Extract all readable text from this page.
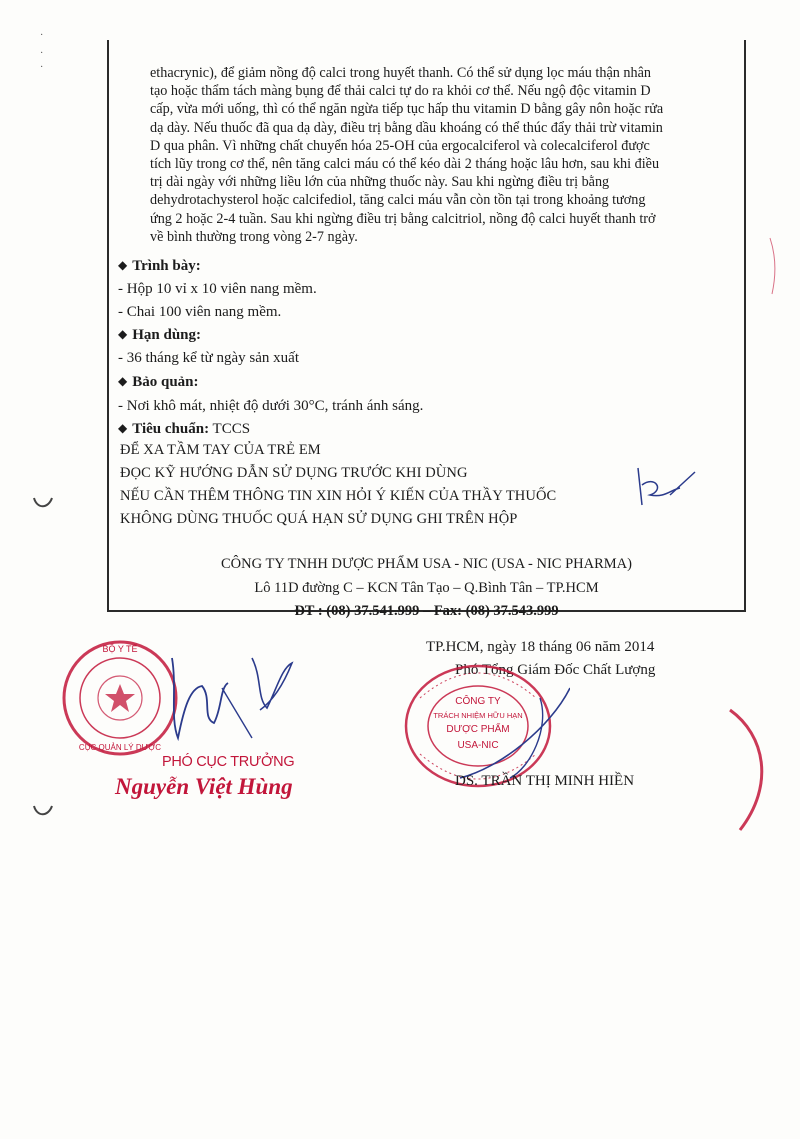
ethacrynic), để giảm nồng độ calci trong huyết thanh. Có thể sử dụng lọc máu thận nhân
tạo hoặc thẩm tách màng bụng để thải calci tự do ra khỏi cơ thể. Nếu ngộ độc vitamin D
cấp, vừa mới uống, thì có thể ngăn ngừa tiếp tục hấp thu vitamin D bằng gây nôn hoặc rửa
dạ dày. Nếu thuốc đã qua dạ dày, điều trị bằng dầu khoáng có thể thúc đẩy thải trừ vitamin
D qua phân. Vì những chất chuyển hóa 25-OH của ergocalciferol và colecalciferol được
tích lũy trong cơ thể, nên tăng calci máu có thể kéo dài 2 tháng hoặc lâu hơn, sau khi điều
trị dài ngày với những liều lớn của những thuốc này. Sau khi ngừng điều trị bằng
dehydrotachysterol hoặc calcifediol, tăng calci máu vẫn còn tồn tại trong khoảng tương
ứng 2 hoặc 2-4 tuần. Sau khi ngừng điều trị bằng calcitriol, nồng độ calci huyết thanh trở
về bình thường trong vòng 2-7 ngày.
◆ Trình bày:
- Hộp 10 vỉ x 10 viên nang mềm.
- Chai 100 viên nang mềm.
◆ Hạn dùng:
- 36 tháng kể từ ngày sản xuất
◆ Bảo quản:
- Nơi khô mát, nhiệt độ dưới 30°C, tránh ánh sáng.
◆ Tiêu chuẩn: TCCS
ĐỂ XA TẦM TAY CỦA TRẺ EM
ĐỌC KỸ HƯỚNG DẪN SỬ DỤNG TRƯỚC KHI DÙNG
NẾU CẦN THÊM THÔNG TIN XIN HỎI Ý KIẾN CỦA THẦY THUỐC
KHÔNG DÙNG THUỐC QUÁ HẠN SỬ DỤNG GHI TRÊN HỘP
CÔNG TY TNHH DƯỢC PHẨM USA - NIC (USA - NIC PHARMA)
Lô 11D đường C – KCN Tân Tạo – Q.Bình Tân – TP.HCM
ĐT : (08) 37.541.999 – Fax: (08) 37.543.999
TP.HCM, ngày 18 tháng 06 năm 2014
Phó Tổng Giám Đốc Chất Lượng
CÔNG TY
TRÁCH NHIỆM HỮU HẠN
DƯỢC PHẨM
USA-NIC
DS. TRẦN THỊ MINH HIỀN
BỘ Y TẾ
CỤC QUẢN LÝ DƯỢC
PHÓ CỤC TRƯỞNG
Nguyễn Việt Hùng
·
·
·
